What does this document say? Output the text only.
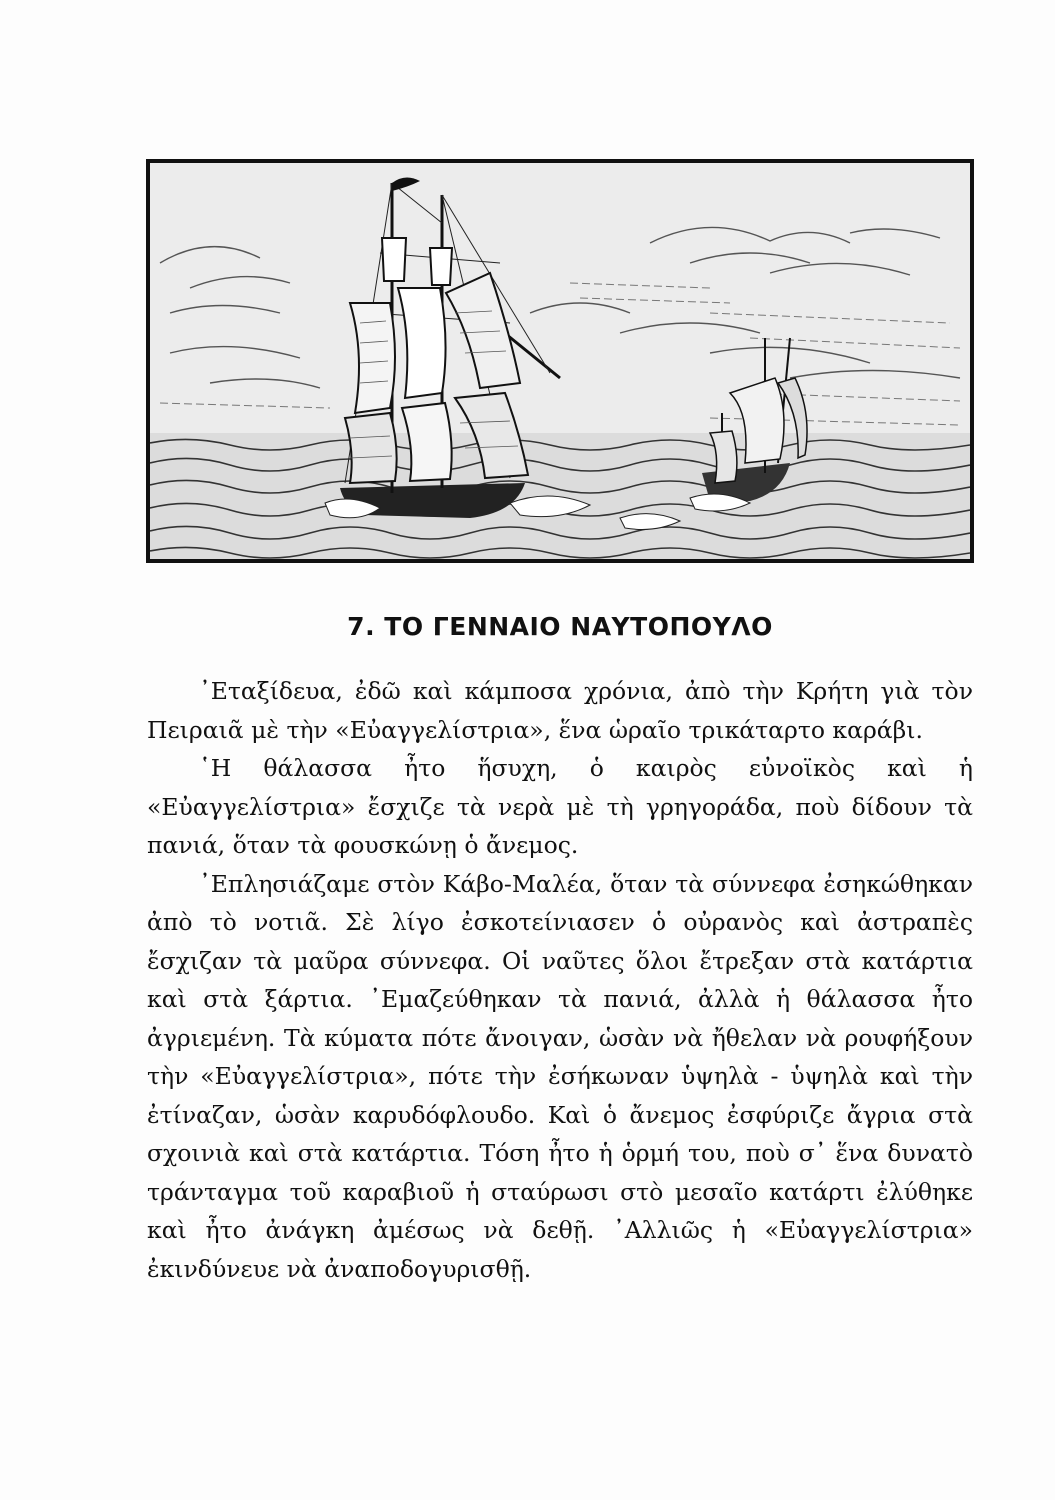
7. ΤΟ ΓΕΝΝΑΙΟ ΝΑΥΤΟΠΟΥΛΟ

᾿Εταξίδευα, ἐδῶ καὶ κάμποσα χρόνια, ἀπὸ τὴν Κρήτη γιὰ τὸν Πειραιᾶ μὲ τὴν «Εὐαγγελίστρια», ἕνα ὡραῖο τρικάταρτο καράβι.

῾Η θάλασσα ἦτο ἥσυχη, ὁ καιρὸς εὐνοϊκὸς καὶ ἡ «Εὐαγγελίστρια» ἔσχιζε τὰ νερὰ μὲ τὴ γρηγοράδα, ποὺ δίδουν τὰ πανιά, ὅταν τὰ φουσκώνῃ ὁ ἄνεμος.

᾿Επλησιάζαμε στὸν Κάβο-Μαλέα, ὅταν τὰ σύννεφα ἐσηκώθηκαν ἀπὸ τὸ νοτιᾶ. Σὲ λίγο ἐσκοτείνιασεν ὁ οὐρανὸς καὶ ἀστραπὲς ἔσχιζαν τὰ μαῦρα σύννεφα. Οἱ ναῦτες ὅλοι ἔτρεξαν στὰ κατάρτια καὶ στὰ ξάρτια. ᾿Εμαζεύθηκαν τὰ πανιά, ἀλλὰ ἡ θάλασσα ἦτο ἀγριεμένη. Τὰ κύματα πότε ἄνοιγαν, ὡσὰν νὰ ἤθελαν νὰ ρουφήξουν τὴν «Εὐαγγελίστρια», πότε τὴν ἐσήκωναν ὑψηλὰ - ὑψηλὰ καὶ τὴν ἐτίναζαν, ὡσὰν καρυδόφλουδο. Καὶ ὁ ἄνεμος ἐσφύριζε ἄγρια στὰ σχοινιὰ καὶ στὰ κατάρτια. Τόση ἦτο ἡ ὁρμή του, ποὺ σ᾿ ἕνα δυνατὸ τράνταγμα τοῦ καραβιοῦ ἡ σταύρωσι στὸ μεσαῖο κατάρτι ἐλύθηκε καὶ ἦτο ἀνάγκη ἀμέσως νὰ δεθῇ. ᾿Αλλιῶς ἡ «Εὐαγγελίστρια» ἐκινδύνευε νὰ ἀναποδογυρισθῇ.
